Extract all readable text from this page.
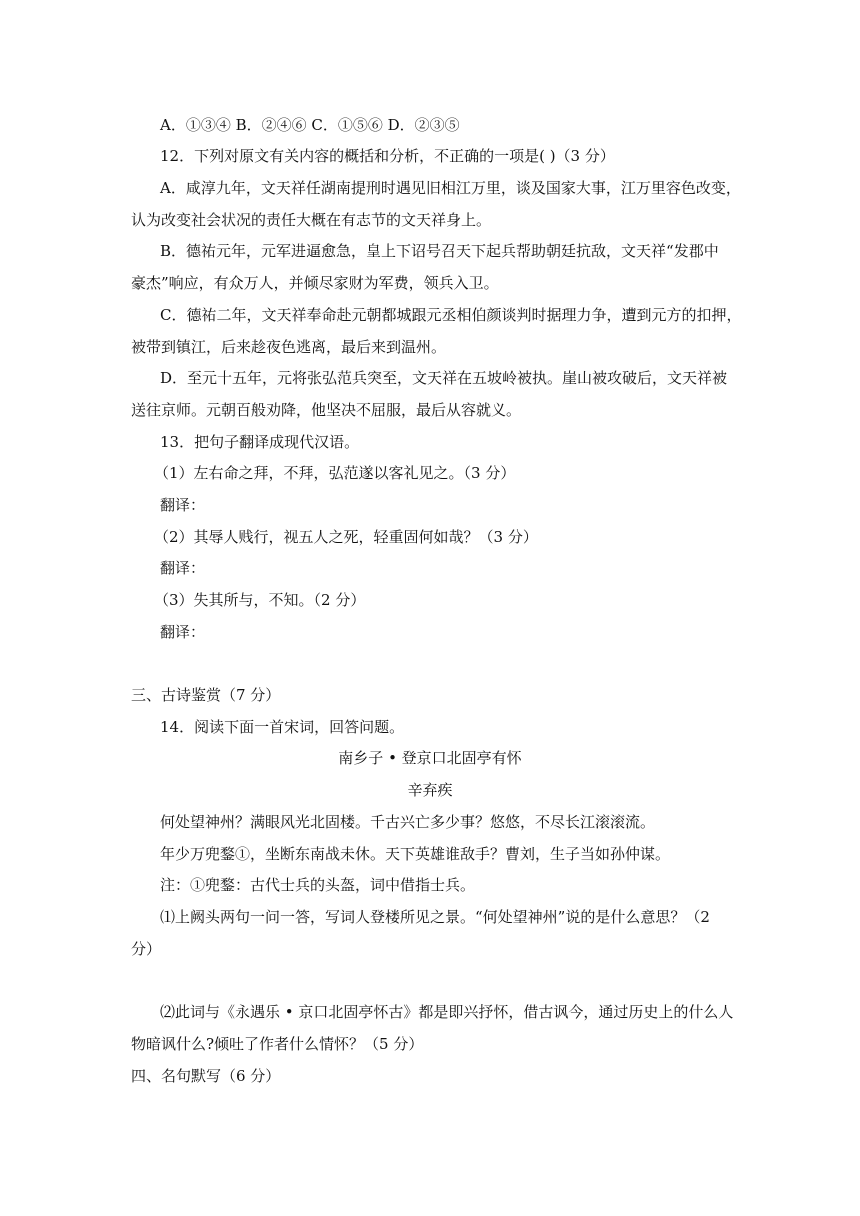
A．①③④ B．②④⑥ C．①⑤⑥ D．②③⑤
12．下列对原文有关内容的概括和分析，不正确的一项是( )（3 分）
A．咸淳九年，文天祥任湖南提刑时遇见旧相江万里，谈及国家大事，江万里容色改变，
认为改变社会状况的责任大概在有志节的文天祥身上。
B．德祐元年，元军进逼愈急，皇上下诏号召天下起兵帮助朝廷抗敌，文天祥“发郡中
豪杰”响应，有众万人，并倾尽家财为军费，领兵入卫。
C．德祐二年，文天祥奉命赴元朝都城跟元丞相伯颜谈判时据理力争，遭到元方的扣押，
被带到镇江，后来趁夜色逃离，最后来到温州。
D．至元十五年，元将张弘范兵突至，文天祥在五坡岭被执。崖山被攻破后，文天祥被
送往京师。元朝百般劝降，他坚决不屈服，最后从容就义。
13．把句子翻译成现代汉语。
（1）左右命之拜，不拜，弘范遂以客礼见之。（3 分）
翻译：
（2）其辱人贱行，视五人之死，轻重固何如哉？（3 分）
翻译：
（3）失其所与，不知。（2 分）
翻译：
三、古诗鉴赏（7 分）
14．阅读下面一首宋词，回答问题。
南乡子 • 登京口北固亭有怀
辛弃疾
何处望神州？满眼风光北固楼。千古兴亡多少事？悠悠，不尽长江滚滚流。
年少万兜鍪①，坐断东南战未休。天下英雄谁敌手？曹刘，生子当如孙仲谋。
注：①兜鍪：古代士兵的头盔，词中借指士兵。
⑴上阙头两句一问一答，写词人登楼所见之景。“何处望神州”说的是什么意思？（2
分）
⑵此词与《永遇乐 • 京口北固亭怀古》都是即兴抒怀，借古讽今，通过历史上的什么人
物暗讽什么?倾吐了作者什么情怀？（5 分）
四、名句默写（6 分）
